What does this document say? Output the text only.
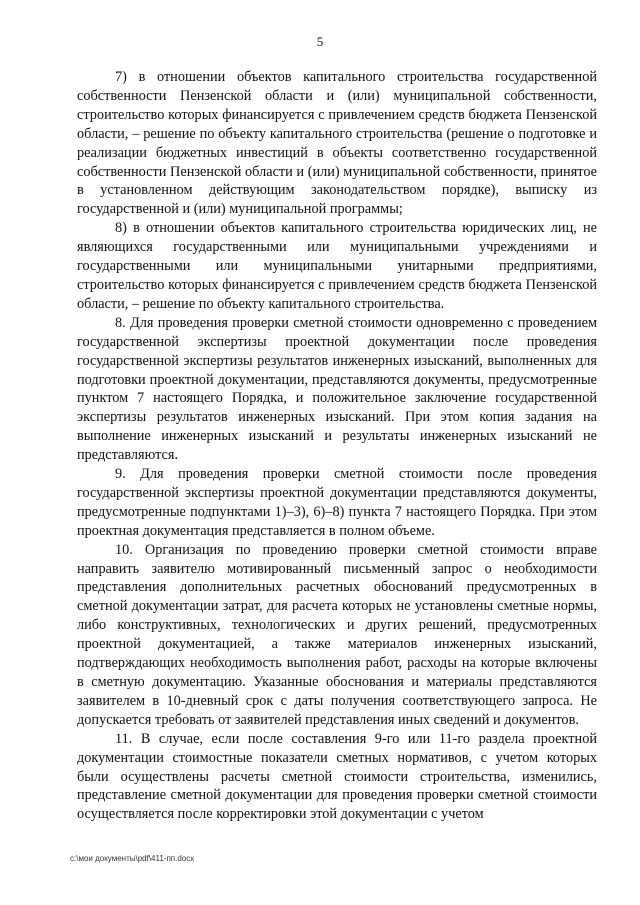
5

7) в отношении объектов капитального строительства государственной собственности Пензенской области и (или) муниципальной собственности, строительство которых финансируется с привлечением средств бюджета Пензенской области, – решение по объекту капитального строительства (решение о подготовке и реализации бюджетных инвестиций в объекты соответственно государственной собственности Пензенской области и (или) муниципальной собственности, принятое в установленном действующим законодательством порядке), выписку из государственной и (или) муниципальной программы;

8) в отношении объектов капитального строительства юридических лиц, не являющихся государственными или муниципальными учреждениями и государственными или муниципальными унитарными предприятиями, строительство которых финансируется с привлечением средств бюджета Пензенской области, – решение по объекту капитального строительства.

8. Для проведения проверки сметной стоимости одновременно с проведением государственной экспертизы проектной документации после проведения государственной экспертизы результатов инженерных изысканий, выполненных для подготовки проектной документации, представляются документы, предусмотренные пунктом 7 настоящего Порядка, и положительное заключение государственной экспертизы результатов инженерных изысканий. При этом копия задания на выполнение инженерных изысканий и результаты инженерных изысканий не представляются.

9. Для проведения проверки сметной стоимости после проведения государственной экспертизы проектной документации представляются документы, предусмотренные подпунктами 1)–3), 6)–8) пункта 7 настоящего Порядка. При этом проектная документация представляется в полном объеме.

10. Организация по проведению проверки сметной стоимости вправе направить заявителю мотивированный письменный запрос о необходимости представления дополнительных расчетных обоснований предусмотренных в сметной документации затрат, для расчета которых не установлены сметные нормы, либо конструктивных, технологических и других решений, предусмотренных проектной документацией, а также материалов инженерных изысканий, подтверждающих необходимость выполнения работ, расходы на которые включены в сметную документацию. Указанные обоснования и материалы представляются заявителем в 10-дневный срок с даты получения соответствующего запроса. Не допускается требовать от заявителей представления иных сведений и документов.

11. В случае, если после составления 9-го или 11-го раздела проектной документации стоимостные показатели сметных нормативов, с учетом которых были осуществлены расчеты сметной стоимости строительства, изменились, представление сметной документации для проведения проверки сметной стоимости осуществляется после корректировки этой документации с учетом

c:\мои документы\pdf\411-пп.docx
